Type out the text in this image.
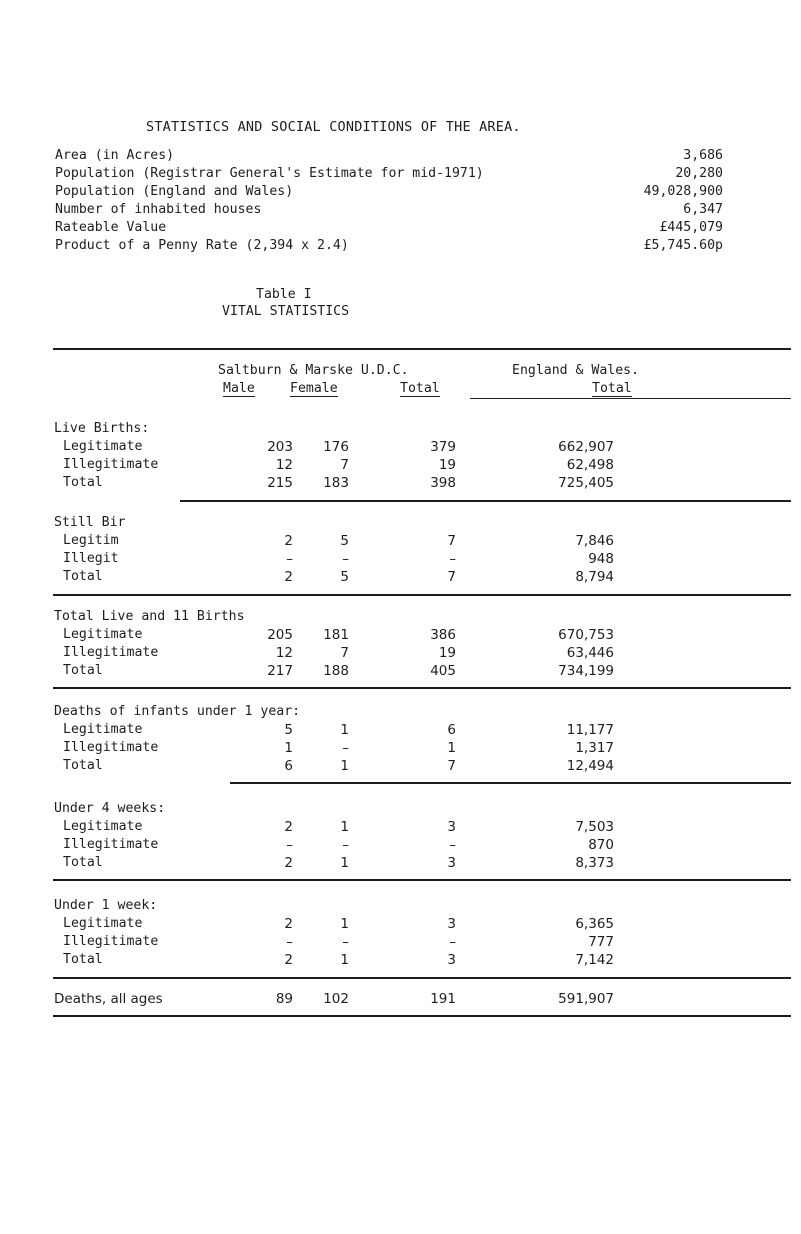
STATISTICS AND SOCIAL CONDITIONS OF THE AREA.
Area (in Acres)	3,686
Population (Registrar General's Estimate for mid-1971)	20,280
Population (England and Wales)	49,028,900
Number of inhabited houses	6,347
Rateable Value	£445,079
Product of a Penny Rate (2,394 x 2.4)	£5,745.60p
Table I
VITAL STATISTICS
Saltburn & Marske U.D.C.	England & Wales.
Male	Female	Total	Total
Live Births:
Legitimate	203 176	379	662,907
Illegitimate	12	7	19	62,498
Total	215 183	398	725,405
Still Bir
Legitim	2	5	7	7,846
Illegit	–	–	–	948
Total	2	5	7	8,794
Total Live and 11 Births
Legitimate	205 181	386	670,753
Illegitimate	12	7	19	63,446
Total	217 188	405	734,199
Deaths of infants under 1 year:
Legitimate	5	1	6	11,177
Illegitimate	1	–	1	1,317
Total	6	1	7	12,494
Under 4 weeks:
Legitimate	2	1	3	7,503
Illegitimate	–	–	–	870
Total	2	1	3	8,373
Under 1 week:
Legitimate	2	1	3	6,365
Illegitimate	–	–	–	777
Total	2	1	3	7,142
Deaths, all ages	89 102	191	591,907
